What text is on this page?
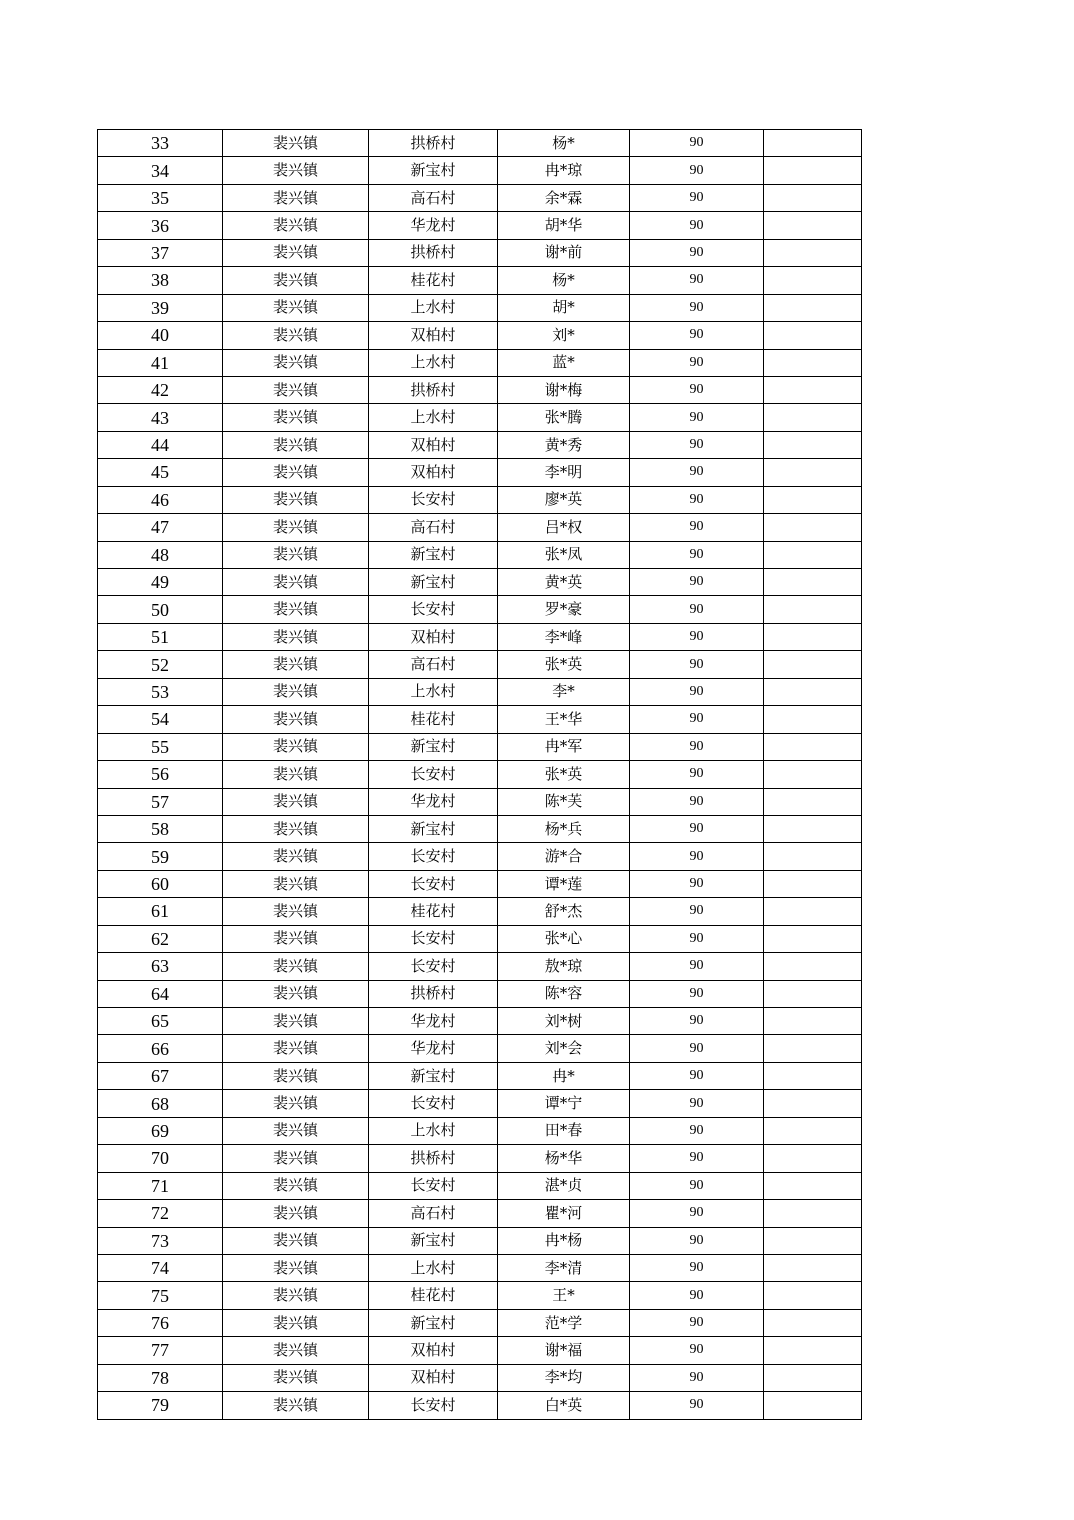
33	裴兴镇	拱桥村	杨*	90	
34	裴兴镇	新宝村	冉*琼	90	
35	裴兴镇	高石村	余*霖	90	
36	裴兴镇	华龙村	胡*华	90	
37	裴兴镇	拱桥村	谢*前	90	
38	裴兴镇	桂花村	杨*	90	
39	裴兴镇	上水村	胡*	90	
40	裴兴镇	双柏村	刘*	90	
41	裴兴镇	上水村	蓝*	90	
42	裴兴镇	拱桥村	谢*梅	90	
43	裴兴镇	上水村	张*腾	90	
44	裴兴镇	双柏村	黄*秀	90	
45	裴兴镇	双柏村	李*明	90	
46	裴兴镇	长安村	廖*英	90	
47	裴兴镇	高石村	吕*权	90	
48	裴兴镇	新宝村	张*凤	90	
49	裴兴镇	新宝村	黄*英	90	
50	裴兴镇	长安村	罗*豪	90	
51	裴兴镇	双柏村	李*峰	90	
52	裴兴镇	高石村	张*英	90	
53	裴兴镇	上水村	李*	90	
54	裴兴镇	桂花村	王*华	90	
55	裴兴镇	新宝村	冉*军	90	
56	裴兴镇	长安村	张*英	90	
57	裴兴镇	华龙村	陈*芙	90	
58	裴兴镇	新宝村	杨*兵	90	
59	裴兴镇	长安村	游*合	90	
60	裴兴镇	长安村	谭*莲	90	
61	裴兴镇	桂花村	舒*杰	90	
62	裴兴镇	长安村	张*心	90	
63	裴兴镇	长安村	敖*琼	90	
64	裴兴镇	拱桥村	陈*容	90	
65	裴兴镇	华龙村	刘*树	90	
66	裴兴镇	华龙村	刘*会	90	
67	裴兴镇	新宝村	冉*	90	
68	裴兴镇	长安村	谭*宁	90	
69	裴兴镇	上水村	田*春	90	
70	裴兴镇	拱桥村	杨*华	90	
71	裴兴镇	长安村	湛*贞	90	
72	裴兴镇	高石村	瞿*河	90	
73	裴兴镇	新宝村	冉*杨	90	
74	裴兴镇	上水村	李*清	90	
75	裴兴镇	桂花村	王*	90	
76	裴兴镇	新宝村	范*学	90	
77	裴兴镇	双柏村	谢*福	90	
78	裴兴镇	双柏村	李*均	90	
79	裴兴镇	长安村	白*英	90	
